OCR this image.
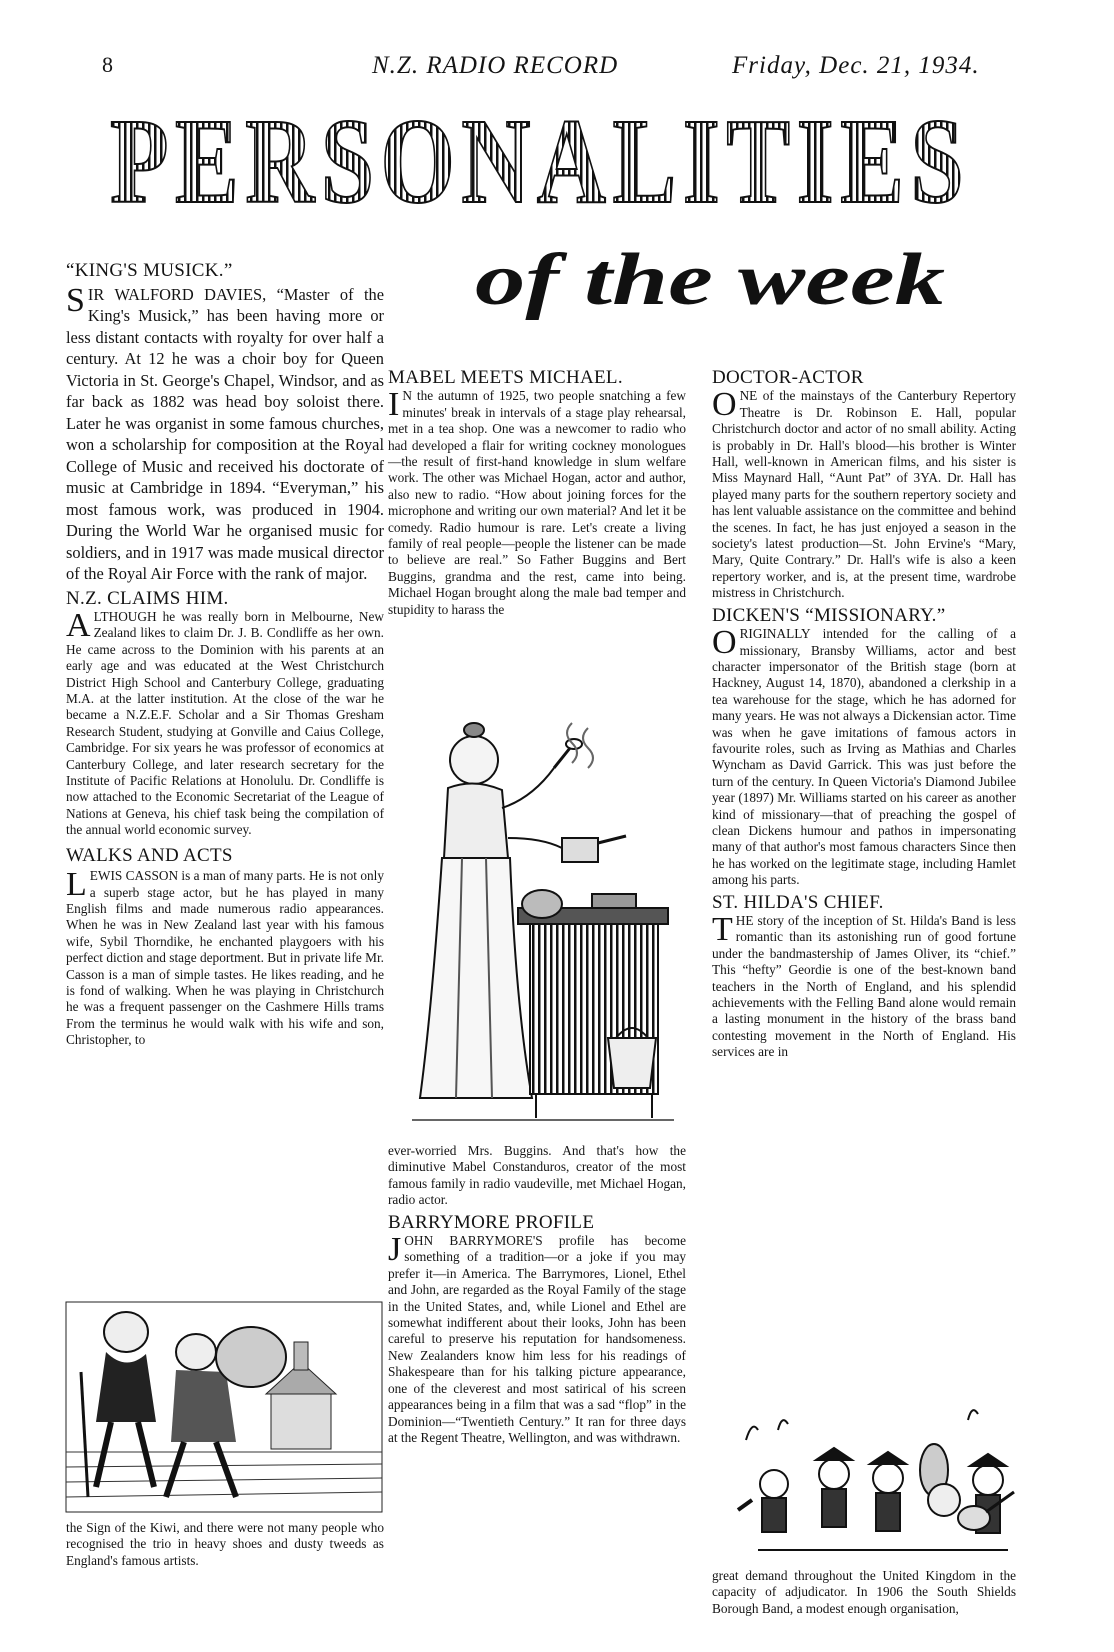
8	N.Z. RADIO RECORD	Friday, Dec. 21, 1934.
PERSONALITIES
of the week
“KING'S MUSICK.”

SIR WALFORD DAVIES, “Master of the King's Musick,” has been having more or less distant contacts with royalty for over half a century. At 12 he was a choir boy for Queen Victoria in St. George's Chapel, Windsor, and as far back as 1882 was head boy soloist there. Later he was organist in some famous churches, won a scholarship for composition at the Royal College of Music and received his doctorate of music at Cambridge in 1894. “Everyman,” his most famous work, was produced in 1904. During the World War he organised music for soldiers, and in 1917 was made musical director of the Royal Air Force with the rank of major.

N.Z. CLAIMS HIM.

ALTHOUGH he was really born in Melbourne, New Zealand likes to claim Dr. J. B. Condliffe as her own. He came across to the Dominion with his parents at an early age and was educated at the West Christchurch District High School and Canterbury College, graduating M.A. at the latter institution. At the close of the war he became a N.Z.E.F. Scholar and a Sir Thomas Gresham Research Student, studying at Gonville and Caius College, Cambridge. For six years he was professor of economics at Canterbury College, and later research secretary for the Institute of Pacific Relations at Honolulu. Dr. Condliffe is now attached to the Economic Secretariat of the League of Nations at Geneva, his chief task being the compilation of the annual world economic survey.

WALKS AND ACTS

LEWIS CASSON is a man of many parts. He is not only a superb stage actor, but he has played in many English films and made numerous radio appearances. When he was in New Zealand last year with his famous wife, Sybil Thorndike, he enchanted playgoers with his perfect diction and stage deportment. But in private life Mr. Casson is a man of simple tastes. He likes reading, and he is fond of walking. When he was playing in Christchurch he was a frequent passenger on the Cashmere Hills trams From the terminus he would walk with his wife and son, Christopher, to

the Sign of the Kiwi, and there were not many people who recognised the trio in heavy shoes and dusty tweeds as England's famous artists.

MABEL MEETS MICHAEL.

I N the autumn of 1925, two people snatching a few minutes' break in intervals of a stage play rehearsal, met in a tea shop. One was a newcomer to radio who had developed a flair for writing cockney monologues—the result of first-hand knowledge in slum welfare work. The other was Michael Hogan, actor and author, also new to radio. “How about joining forces for the microphone and writing our own material? And let it be comedy. Radio humour is rare. Let's create a living family of real people—people the listener can be made to believe are real.” So Father Buggins and Bert Buggins, grandma and the rest, came into being. Michael Hogan brought along the male bad temper and stupidity to harass the

ever-worried Mrs. Buggins. And that's how the diminutive Mabel Constanduros, creator of the most famous family in radio vaudeville, met Michael Hogan, radio actor.

BARRYMORE PROFILE

JOHN BARRYMORE'S profile has become something of a tradition—or a joke if you may prefer it—in America. The Barrymores, Lionel, Ethel and John, are regarded as the Royal Family of the stage in the United States, and, while Lionel and Ethel are somewhat indifferent about their looks, John has been careful to preserve his reputation for handsomeness. New Zealanders know him less for his readings of Shakespeare than for his talking picture appearance, one of the cleverest and most satirical of his screen appearances being in a film that was a sad “flop” in the Dominion—“Twentieth Century.” It ran for three days at the Regent Theatre, Wellington, and was withdrawn.

DOCTOR-ACTOR

ONE of the mainstays of the Canterbury Repertory Theatre is Dr. Robinson E. Hall, popular Christchurch doctor and actor of no small ability. Acting is probably in Dr. Hall's blood—his brother is Winter Hall, well-known in American films, and his sister is Miss Maynard Hall, “Aunt Pat” of 3YA. Dr. Hall has played many parts for the southern repertory society and has lent valuable assistance on the committee and behind the scenes. In fact, he has just enjoyed a season in the society's latest production—St. John Ervine's “Mary, Mary, Quite Contrary.” Dr. Hall's wife is also a keen repertory worker, and is, at the present time, wardrobe mistress in Christchurch.

DICKEN'S “MISSIONARY.”

ORIGINALLY intended for the calling of a missionary, Bransby Williams, actor and best character impersonator of the British stage (born at Hackney, August 14, 1870), abandoned a clerkship in a tea warehouse for the stage, which he has adorned for many years. He was not always a Dickensian actor. Time was when he gave imitations of famous actors in favourite roles, such as Irving as Mathias and Charles Wyncham as David Garrick. This was just before the turn of the century. In Queen Victoria's Diamond Jubilee year (1897) Mr. Williams started on his career as another kind of missionary—that of preaching the gospel of clean Dickens humour and pathos in impersonating many of that author's most famous characters Since then he has worked on the legitimate stage, including Hamlet among his parts.

ST. HILDA'S CHIEF.

THE story of the inception of St. Hilda's Band is less romantic than its astonishing run of good fortune under the bandmastership of James Oliver, its “chief.” This “hefty” Geordie is one of the best-known band teachers in the North of England, and his splendid achievements with the Felling Band alone would remain a lasting monument in the history of the brass band contesting movement in the North of England. His services are in

great demand throughout the United Kingdom in the capacity of adjudicator. In 1906 the South Shields Borough Band, a modest enough organisation,
